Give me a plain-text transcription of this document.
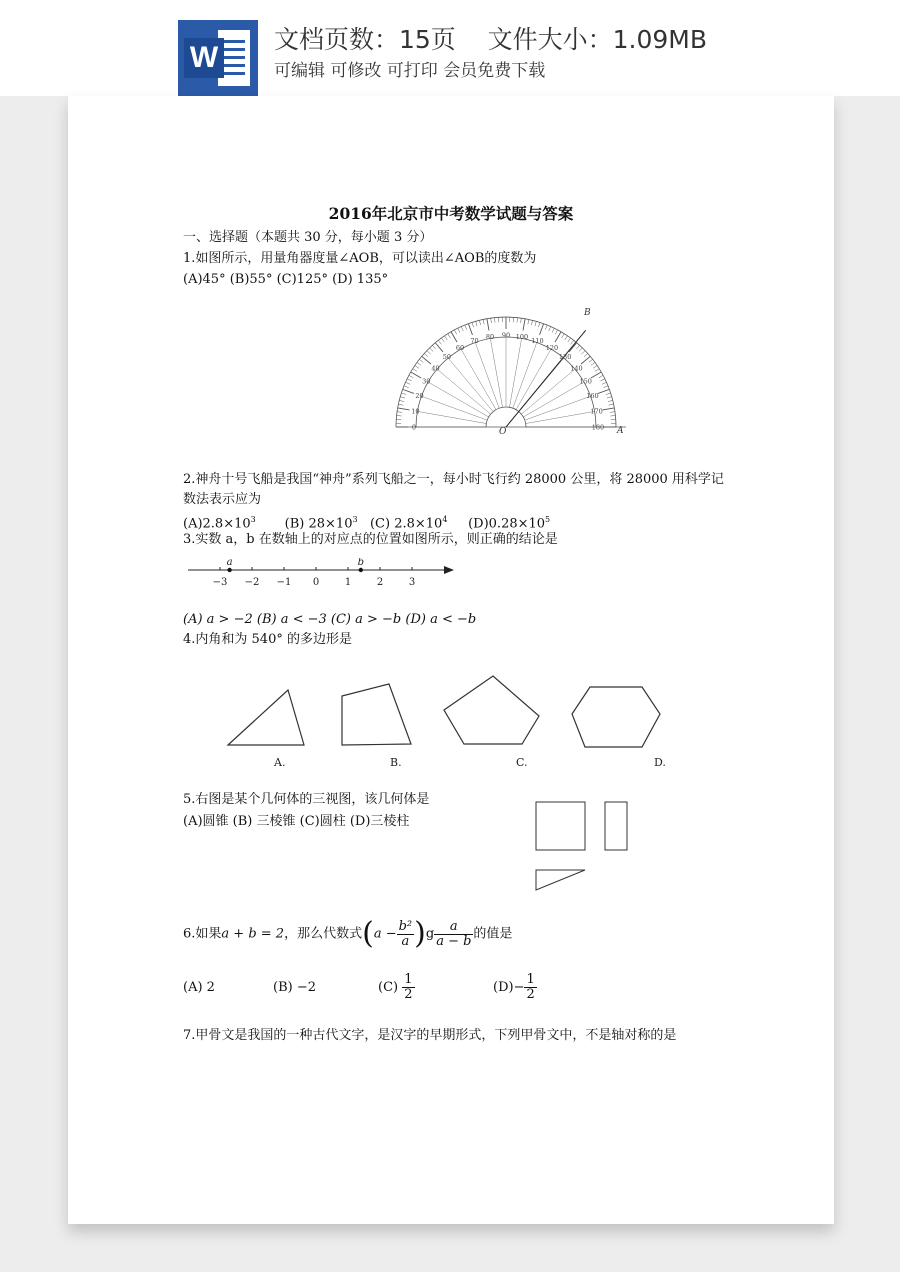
W
文档页数：15页 文件大小：1.09MB
可编辑 可修改 可打印 会员免费下载
2016年北京市中考数学试题与答案
一、选择题（本题共 30 分，每小题 3 分）
1.如图所示，用量角器度量∠AOB，可以读出∠AOB的度数为
(A)45° (B)55° (C)125° (D) 135°
B
O	A
0
10
20
30
40
50
60
70
80 90 100
110
120
130
140
150
160
170
180
2.神舟十号飞船是我国“神舟”系列飞船之一，每小时飞行约 28000 公里，将 28000 用科学记
数法表示应为
$(A)2.8\times 10^3$ (B) $28\times 10^3$ (C) $2.8\times 10^4$ $(D)0.28\times 10^5$
3.实数 a，b 在数轴上的对应点的位置如图所示，则正确的结论是
−3 −2 −1 0	1	2	3
a	b
(A) a > −2 (B) a < −3 (C) a > −b (D) a < −b
4.内角和为 540° 的多边形是
A.	B.	C.	D.
5.右图是某个几何体的三视图，该几何体是
(A)圆锥 (B) 三棱锥 (C)圆柱 (D)三棱柱
6.如果a + b = 2，那么代数式$(a - \frac{\text{b²}}{a} )g \frac{a}{a - b}$ 的值是
(A) 2	(B) −2	$(C) \frac{1}{2}$	$(D)- \frac{1}{2}$
7.甲骨文是我国的一种古代文字，是汉字的早期形式，下列甲骨文中，不是轴对称的是
